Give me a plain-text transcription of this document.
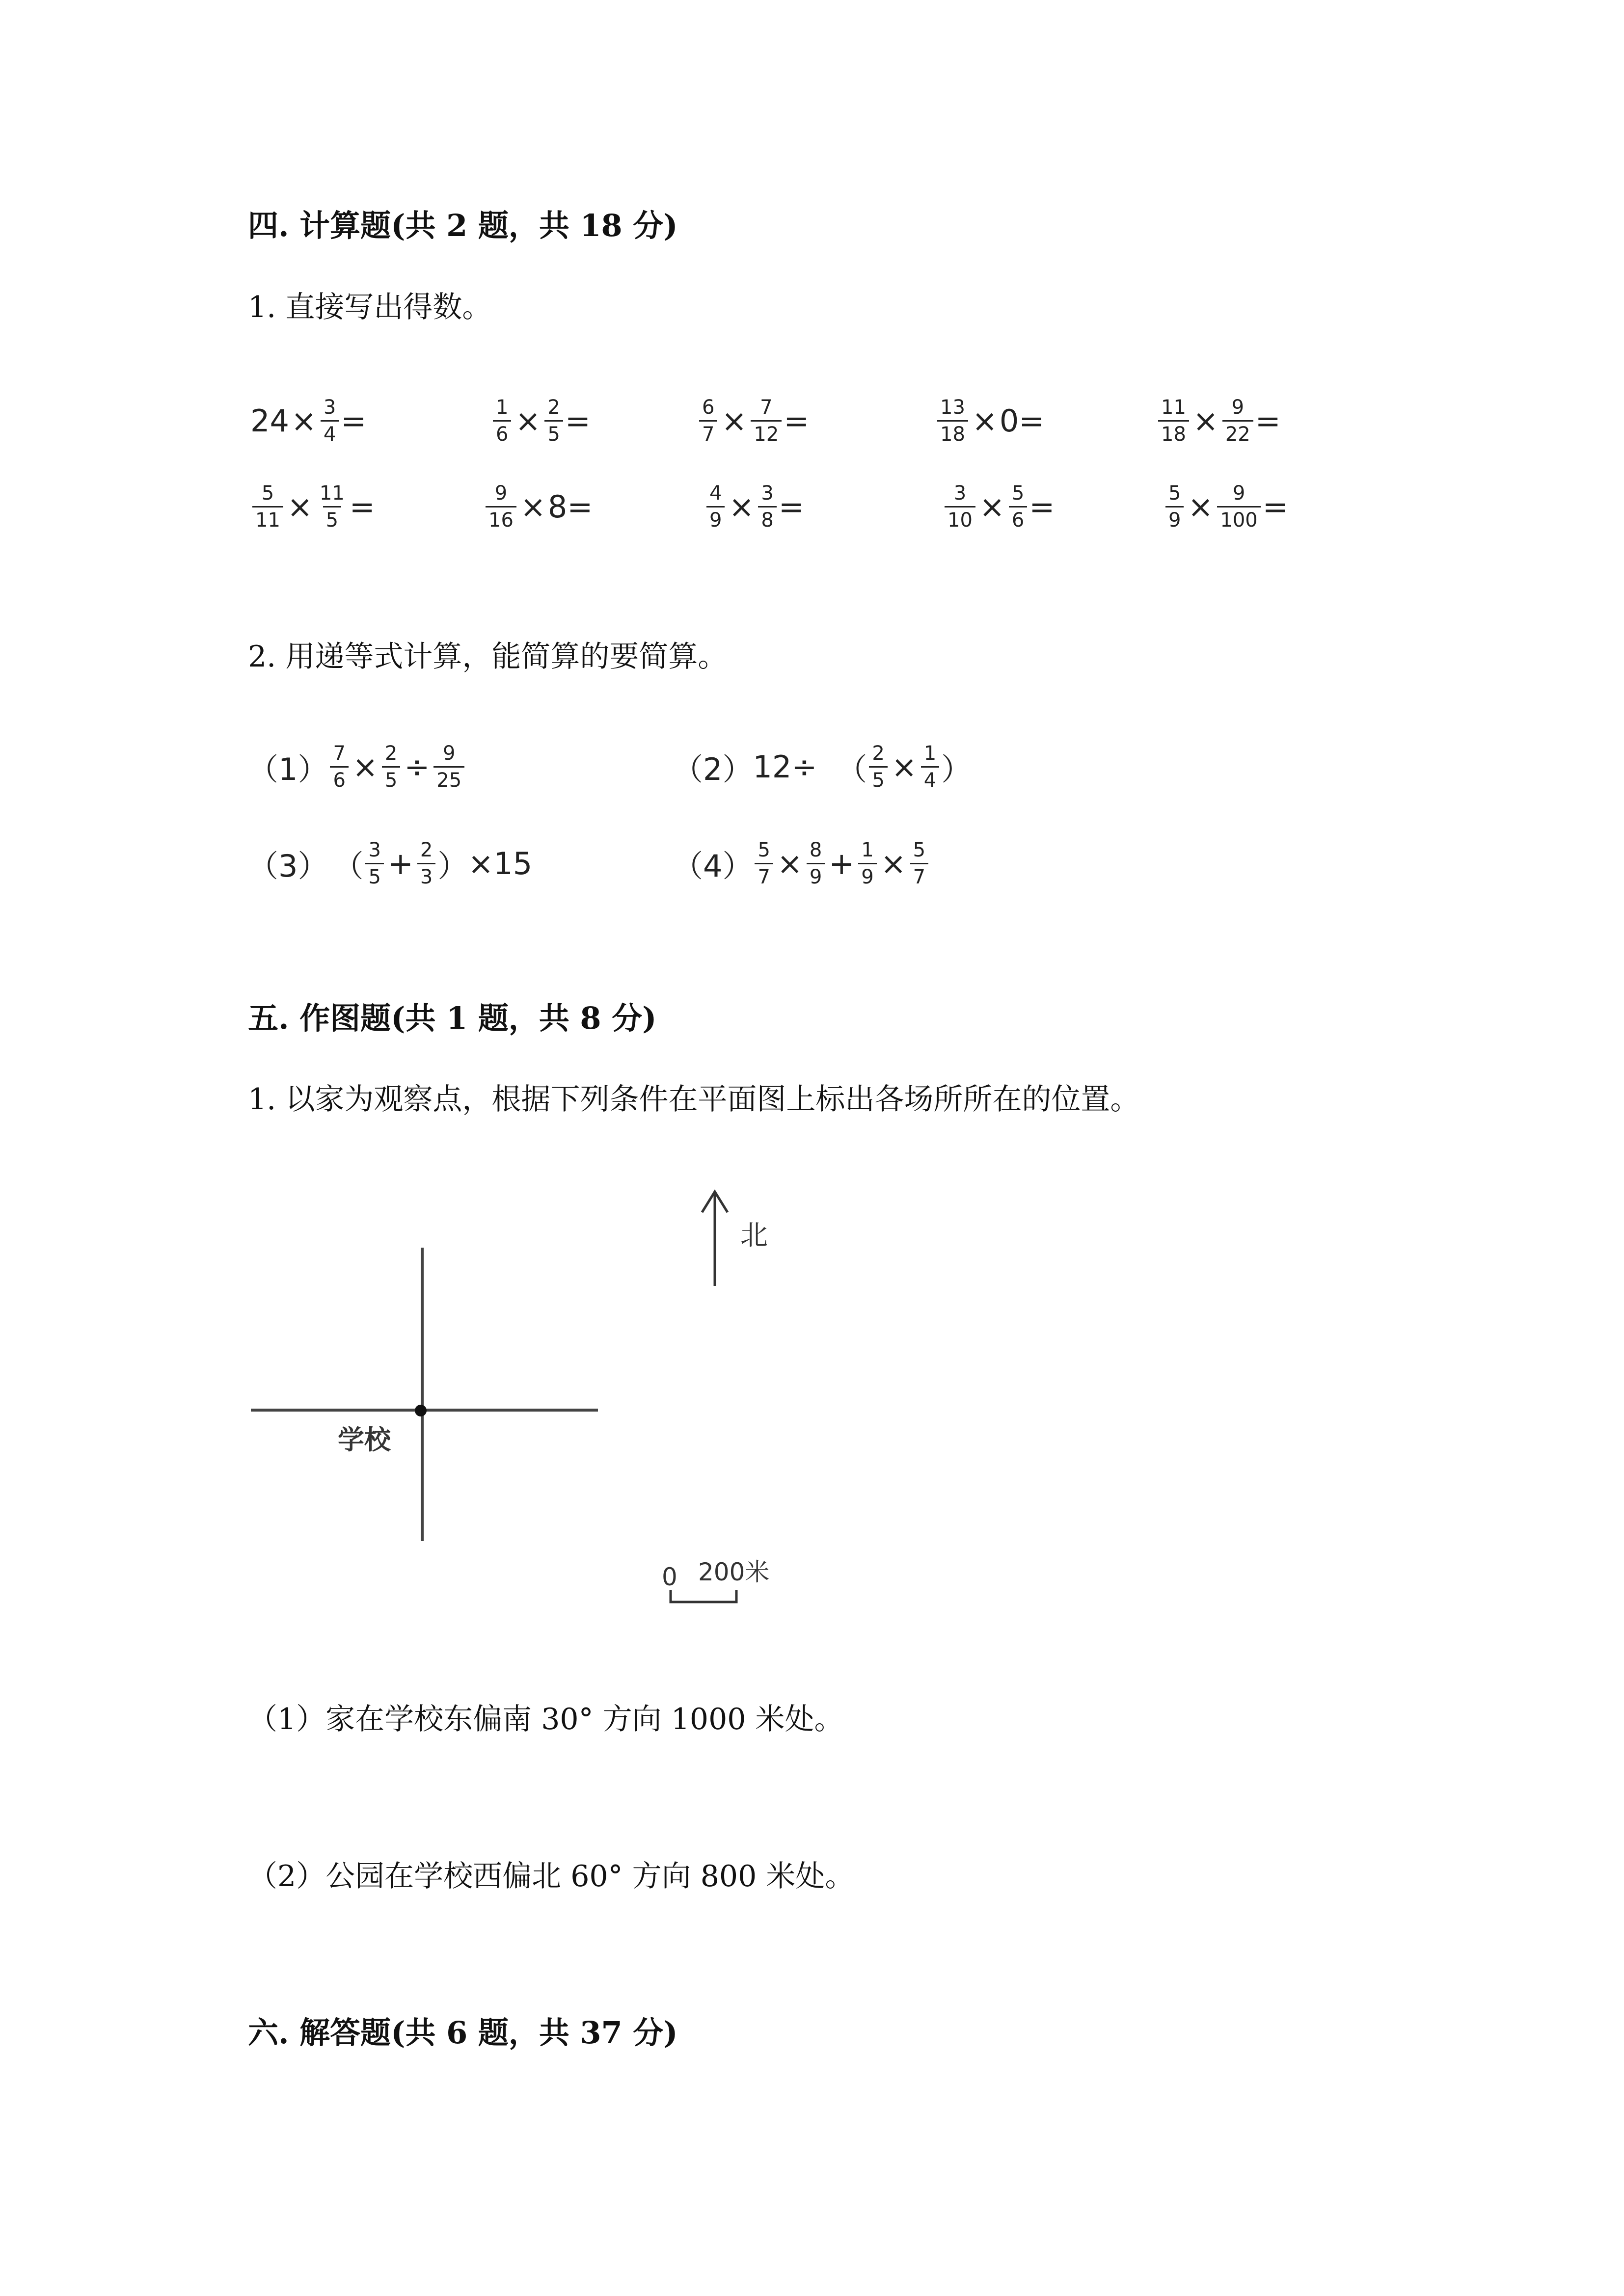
四. 计算题(共 2 题，共 18 分)
1. 直接写出得数。
$24 \times \frac{3}{4}$ =	$\frac{1}{6} \times \frac{2}{5}$ =	$\frac{6}{7} \times \frac{7}{12}$ =	$\frac{13}{18} \times 0$ =	$\frac{11}{18} \times \frac{9}{22}$ =
$\frac{5}{11} \times \frac{11}{5}$ =	$\frac{9}{16} \times 8$ =	$\frac{4}{9} \times \frac{3}{8}$ =	$\frac{3}{10} \times \frac{5}{6}$ =	$\frac{5}{9} \times \frac{9}{100}$ =
2. 用递等式计算，能简算的要简算。
$(1) \frac{7}{6} \times \frac{2}{5} \div \frac{9}{25}$	（2） 12÷ （ $\frac{2}{5} \times \frac{1}{4}$ ）
（3） （ $\frac{3}{5} + \frac{2}{3}$ ） ×15	$(4) \frac{5}{7} \times \frac{8}{9} + \frac{1}{9} \times \frac{5}{7}$
五. 作图题(共 1 题，共 8 分)
1. 以家为观察点，根据下列条件在平面图上标出各场所所在的位置。
北
学校
0 200米
（1）家在学校东偏南 30° 方向 1000 米处。
（2）公园在学校西偏北 60° 方向 800 米处。
六. 解答题(共 6 题，共 37 分)
